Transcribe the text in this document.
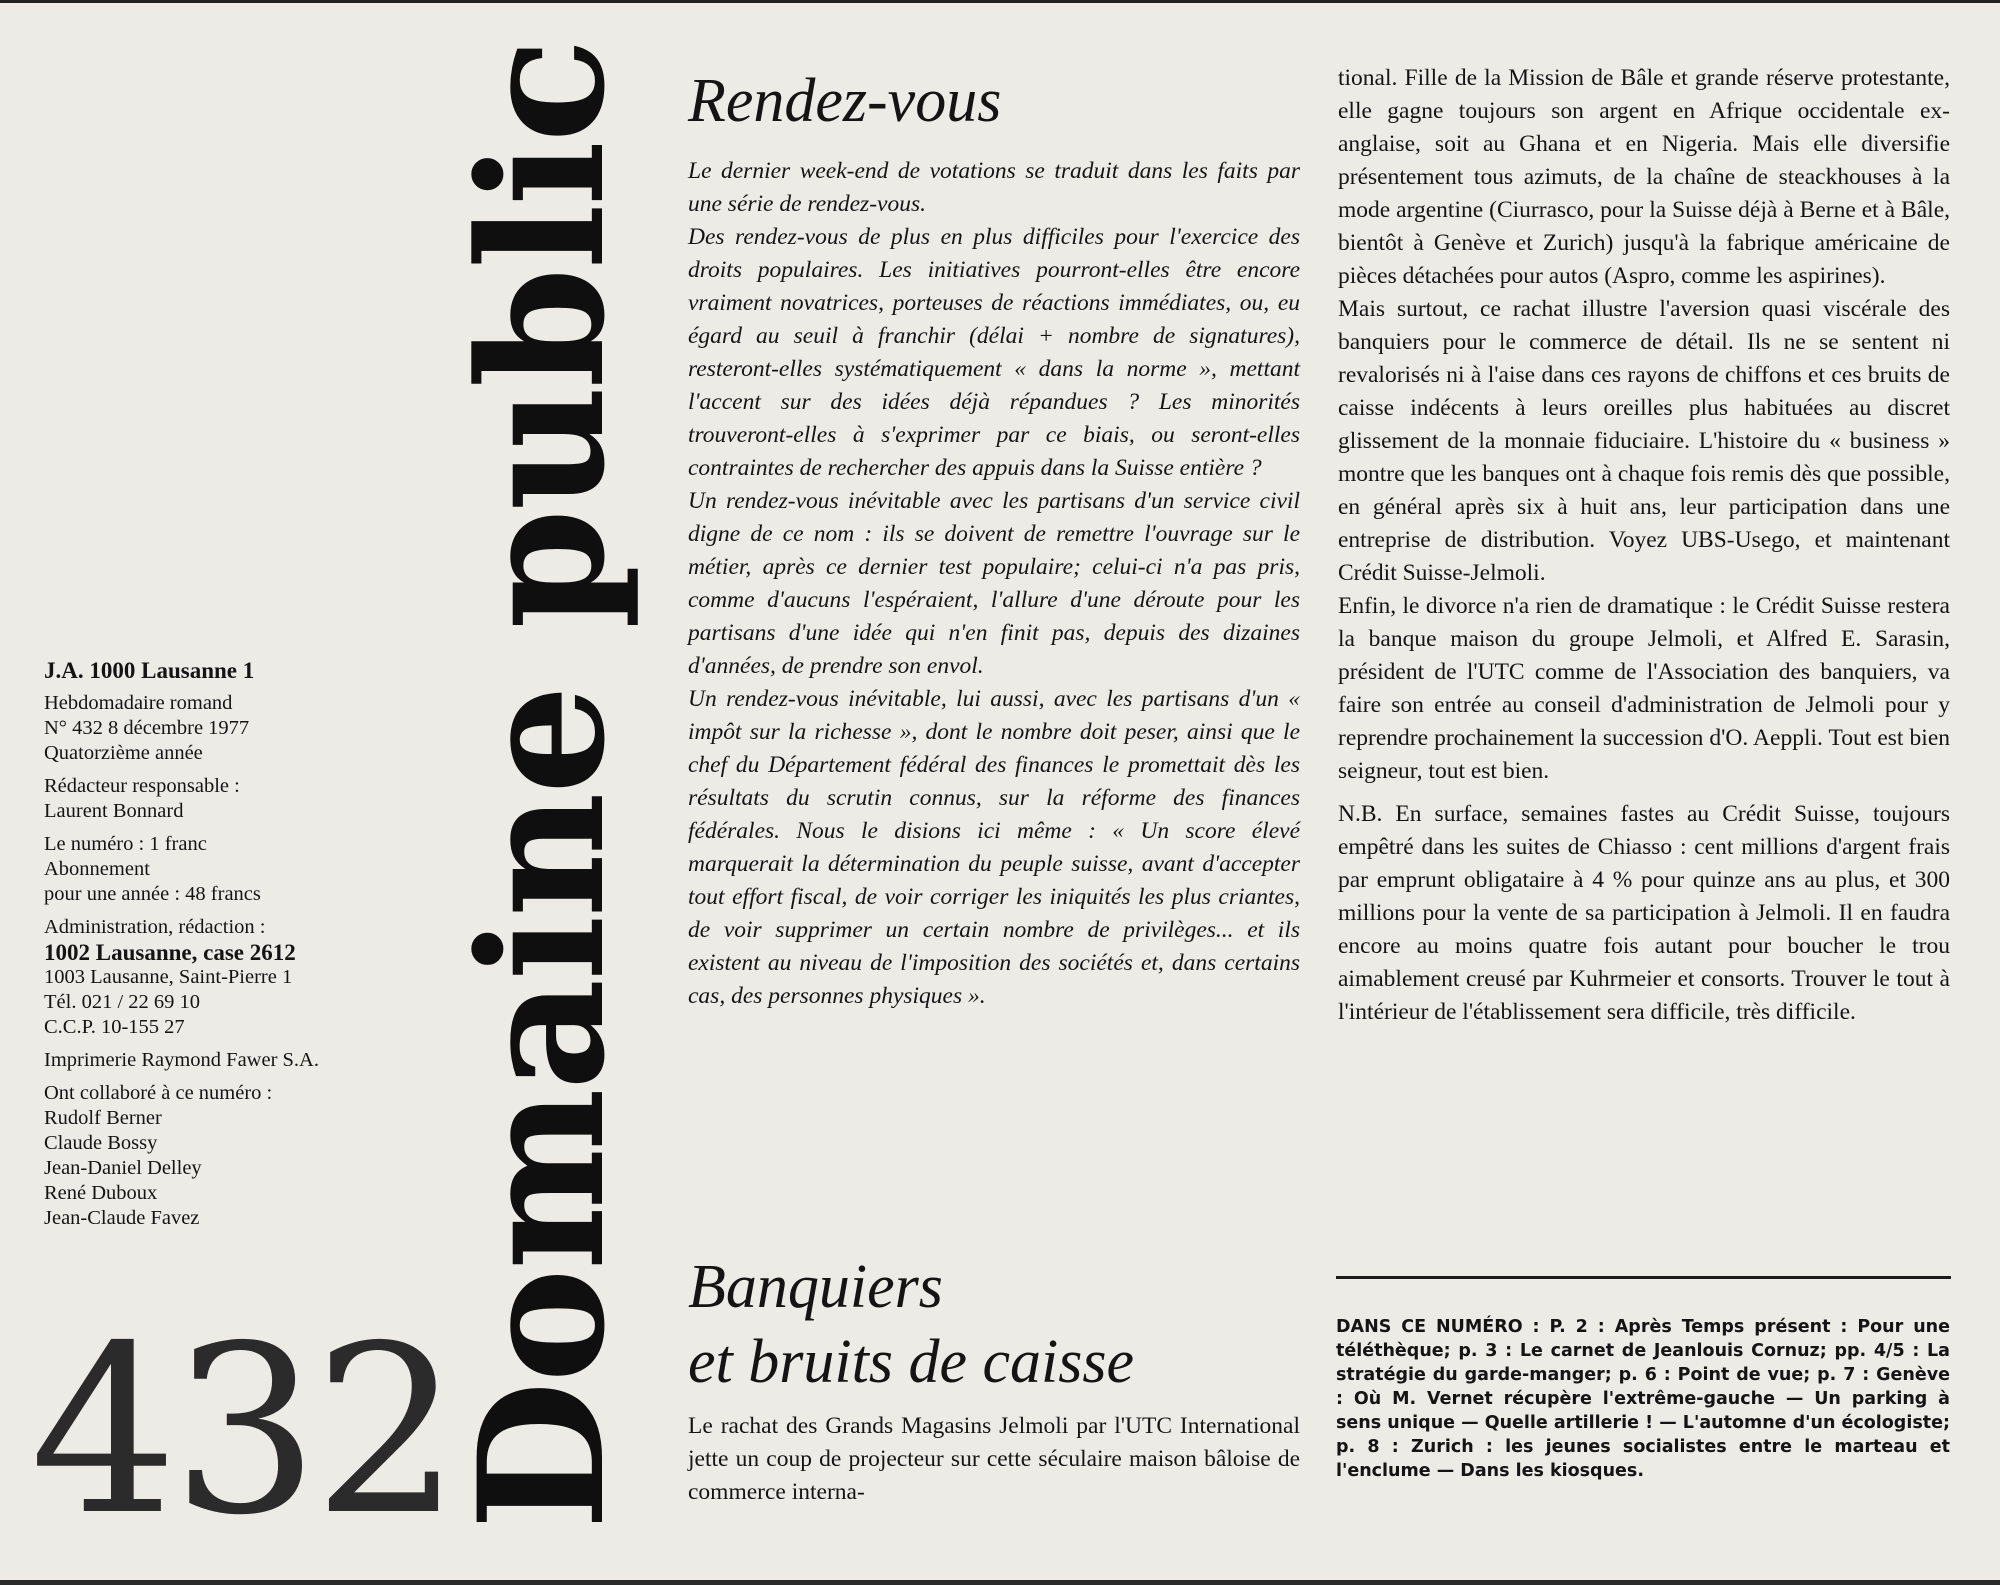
J.A. 1000 Lausanne 1
Hebdomadaire romand
N° 432 8 décembre 1977
Quatorzième année
Rédacteur responsable :
Laurent Bonnard
Le numéro : 1 franc
Abonnement
pour une année : 48 francs
Administration, rédaction :
1002 Lausanne, case 2612
1003 Lausanne, Saint-Pierre 1
Tél. 021 / 22 69 10
C.C.P. 10-155 27
Imprimerie Raymond Fawer S.A.
Ont collaboré à ce numéro :
Rudolf Berner
Claude Bossy
Jean-Daniel Delley
René Duboux
Jean-Claude Favez
432
Domaine public Rendez-vous

Le dernier week-end de votations se traduit dans les faits par une série de rendez-vous.

Des rendez-vous de plus en plus difficiles pour l'exercice des droits populaires. Les initiatives pourront-elles être encore vraiment novatrices, porteuses de réactions immédiates, ou, eu égard au seuil à franchir (délai + nombre de signatures), resteront-elles systématiquement « dans la norme », mettant l'accent sur des idées déjà répandues ? Les minorités trouveront-elles à s'exprimer par ce biais, ou seront-elles contraintes de rechercher des appuis dans la Suisse entière ?

Un rendez-vous inévitable avec les partisans d'un service civil digne de ce nom : ils se doivent de remettre l'ouvrage sur le métier, après ce dernier test populaire; celui-ci n'a pas pris, comme d'aucuns l'espéraient, l'allure d'une déroute pour les partisans d'une idée qui n'en finit pas, depuis des dizaines d'années, de prendre son envol.

Un rendez-vous inévitable, lui aussi, avec les partisans d'un « impôt sur la richesse », dont le nombre doit peser, ainsi que le chef du Département fédéral des finances le promettait dès les résultats du scrutin connus, sur la réforme des finances fédérales. Nous le disions ici même : « Un score élevé marquerait la détermination du peuple suisse, avant d'accepter tout effort fiscal, de voir corriger les iniquités les plus criantes, de voir supprimer un certain nombre de privilèges... et ils existent au niveau de l'imposition des sociétés et, dans certains cas, des personnes physiques ».

Banquiers
et bruits de caisse
Le rachat des Grands Magasins Jelmoli par l'UTC International jette un coup de projecteur sur cette séculaire maison bâloise de commerce interna-

tional. Fille de la Mission de Bâle et grande réserve protestante, elle gagne toujours son argent en Afrique occidentale ex-anglaise, soit au Ghana et en Nigeria. Mais elle diversifie présentement tous azimuts, de la chaîne de steackhouses à la mode argentine (Ciurrasco, pour la Suisse déjà à Berne et à Bâle, bientôt à Genève et Zurich) jusqu'à la fabrique américaine de pièces détachées pour autos (Aspro, comme les aspirines).

Mais surtout, ce rachat illustre l'aversion quasi viscérale des banquiers pour le commerce de détail. Ils ne se sentent ni revalorisés ni à l'aise dans ces rayons de chiffons et ces bruits de caisse indécents à leurs oreilles plus habituées au discret glissement de la monnaie fiduciaire. L'histoire du « business » montre que les banques ont à chaque fois remis dès que possible, en général après six à huit ans, leur participation dans une entreprise de distribution. Voyez UBS-Usego, et maintenant Crédit Suisse-Jelmoli.

Enfin, le divorce n'a rien de dramatique : le Crédit Suisse restera la banque maison du groupe Jelmoli, et Alfred E. Sarasin, président de l'UTC comme de l'Association des banquiers, va faire son entrée au conseil d'administration de Jelmoli pour y reprendre prochainement la succession d'O. Aeppli. Tout est bien seigneur, tout est bien.

N.B. En surface, semaines fastes au Crédit Suisse, toujours empêtré dans les suites de Chiasso : cent millions d'argent frais par emprunt obligataire à 4 % pour quinze ans au plus, et 300 millions pour la vente de sa participation à Jelmoli. Il en faudra encore au moins quatre fois autant pour boucher le trou aimablement creusé par Kuhrmeier et consorts. Trouver le tout à l'intérieur de l'établissement sera difficile, très difficile.

DANS CE NUMÉRO : P. 2 : Après Temps présent : Pour une téléthèque; p. 3 : Le carnet de Jeanlouis Cornuz; pp. 4/5 : La stratégie du garde-manger; p. 6 : Point de vue; p. 7 : Genève : Où M. Vernet récupère l'extrême-gauche — Un parking à sens unique — Quelle artillerie ! — L'automne d'un écologiste; p. 8 : Zurich : les jeunes socialistes entre le marteau et l'enclume — Dans les kiosques.
